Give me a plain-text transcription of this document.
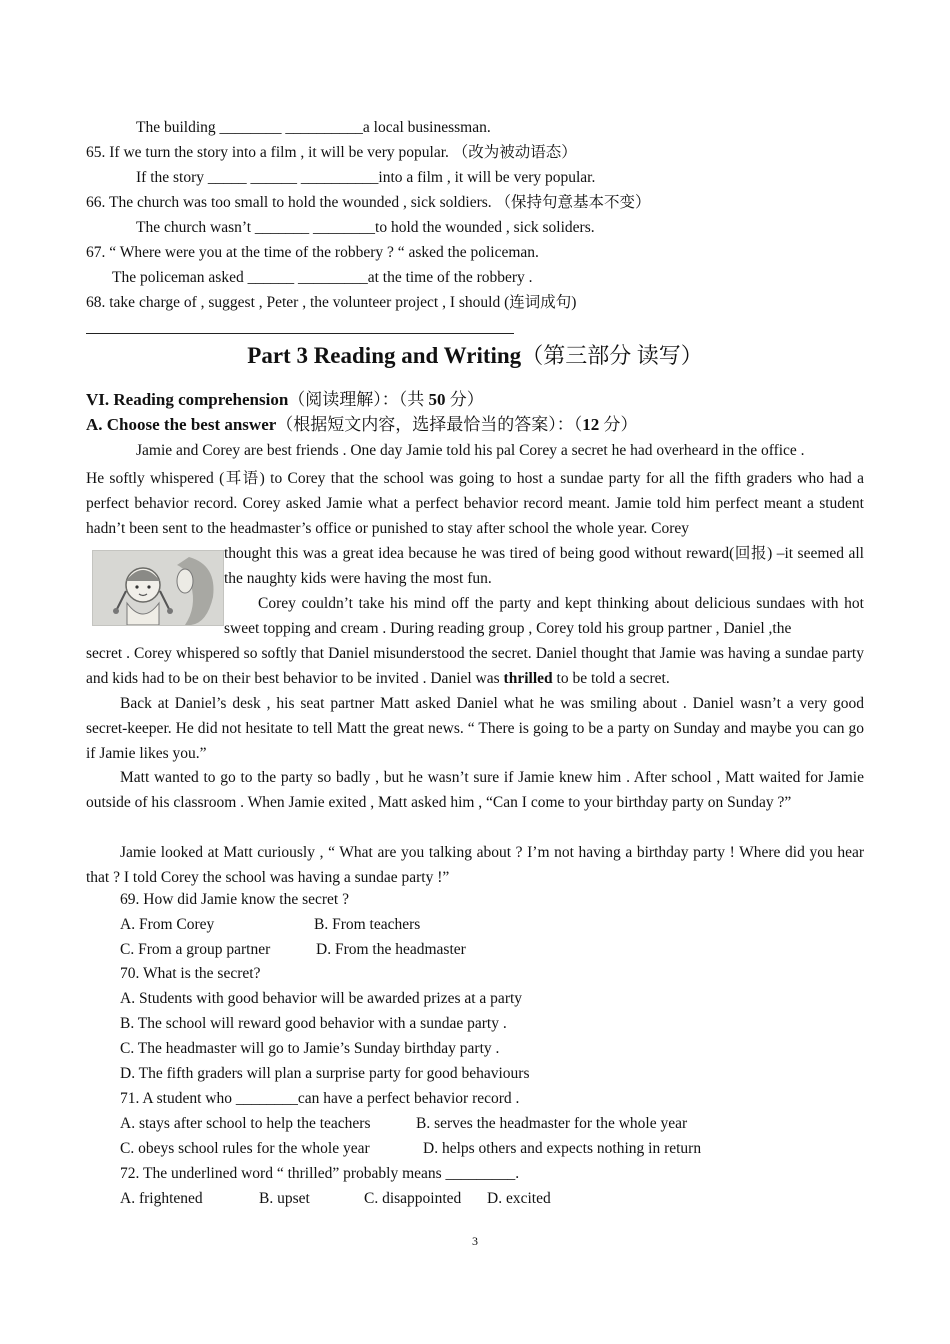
The building ________ __________a local businessman.
65. If we turn the story into a film , it will be very popular. （改为被动语态）
If the story _____ ______ __________into a film , it will be very popular.
66. The church was too small to hold the wounded , sick soldiers. （保持句意基本不变）
The church wasn’t _______ ________to hold the wounded , sick soliders.
67. “ Where were you at the time of the robbery ? “ asked the policeman.
The policeman asked ______ _________at the time of the robbery .
68. take charge of , suggest , Peter , the volunteer project , I should (连词成句)
Part 3 Reading and Writing（第三部分 读写）
VI. Reading comprehension（阅读理解）：（共 50 分）
A. Choose the best answer（根据短文内容，选择最恰当的答案）：（12 分）
Jamie and Corey are best friends . One day Jamie told his pal Corey a secret he had overheard in the office .
He softly whispered (耳语) to Corey that the school was going to host a sundae party for all the fifth graders who had a perfect behavior record. Corey asked Jamie what a perfect behavior record meant. Jamie told him perfect meant a student hadn’t been sent to the headmaster’s office or punished to stay after school the whole year. Corey
thought this was a great idea because he was tired of being good without reward(回报) –it seemed all the naughty kids were having the most fun.
Corey couldn’t take his mind off the party and kept thinking about delicious sundaes with hot sweet topping and cream . During reading group , Corey told his group partner , Daniel ,the
secret . Corey whispered so softly that Daniel misunderstood the secret. Daniel thought that Jamie was having a sundae party and kids had to be on their best behavior to be invited . Daniel was thrilled to be told a secret.
Back at Daniel’s desk , his seat partner Matt asked Daniel what he was smiling about . Daniel wasn’t a very good secret-keeper. He did not hesitate to tell Matt the great news. “ There is going to be a party on Sunday and maybe you can go if Jamie likes you.”
Matt wanted to go to the party so badly , but he wasn’t sure if Jamie knew him . After school , Matt waited for Jamie outside of his classroom . When Jamie exited , Matt asked him , “Can I come to your birthday party on Sunday ?”
Jamie looked at Matt curiously , “ What are you talking about ? I’m not having a birthday party ! Where did you hear that ? I told Corey the school was having a sundae party !”
69. How did Jamie know the secret ?
A. From Corey	B. From teachers
C. From a group partner	D. From the headmaster
70. What is the secret?
A. Students with good behavior will be awarded prizes at a party
B. The school will reward good behavior with a sundae party .
C. The headmaster will go to Jamie’s Sunday birthday party .
D. The fifth graders will plan a surprise party for good behaviours
71. A student who ________can have a perfect behavior record .
A. stays after school to help the teachers	B. serves the headmaster for the whole year
C. obeys school rules for the whole year	D. helps others and expects nothing in return
72. The underlined word “ thrilled” probably means _________.
A. frightened	B. upset	C. disappointed D. excited
3
